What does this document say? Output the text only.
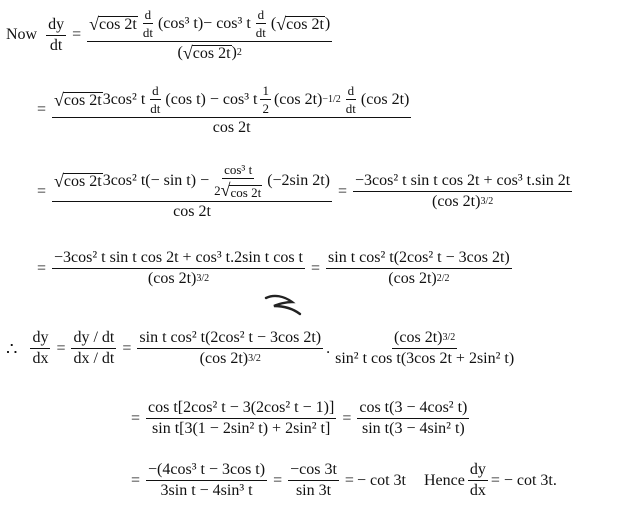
Now $\frac{dy}{dt}$ =
√ $\cos 2t \frac{d}{dt} (\cos^3$ t) − cos³ t $\frac{d}{dt}$ ( √ cos 2t )
( √ cos 2t ) 2
= √ cos 2t 3cos² t $\frac{d}{dt} (\cos$ t) − cos³ t $\frac{1}{2} (\cos$ $2t) -1/2 \frac{d}{dt} (\cos$ 2t)
cos 2t
= √ cos 2t 3cos² $t(- \sin t) - \frac{\text{cos³ t}}{2 √ \cos 2t} (-2\sin$ 2t)
cos 2t
= $\frac{\text{−3cos² t sin t cos 2t + cos³ t.sin 2t}}{(\cos 2t) 3/2}$
= $\frac{\text{−3cos² t sin t cos 2t + cos³ t.2sin t cos t}}{(\cos 2t) 3/2} = \frac{\text{sin t cos² t(2cos² t − 3cos 2t)}}{(\cos 2t) 2/2}$
∴ $\frac{dy}{dx} = \frac{dy / dt}{dx / dt} = \frac{\text{sin t cos² t(2cos² t − 3cos 2t)}}{(\cos 2t) 3/2}$ . $\frac{(\cos 2t) 3/2}{\text{sin² t cos t(3cos 2t + 2sin² t)}}$
= $\frac{\text{cos t[2cos² t − 3(2cos² t − 1)]}}{\text{sin t[3(1 − 2sin² t) + 2sin² t]}} = \frac{\text{cos t(3 − 4cos² t)}}{\text{sin t(3 − 4sin² t)}}$
= $\frac{\text{−(4cos³ t − 3cos t)}}{\text{3sin t − 4sin³ t}} = \frac{-\cos 3t}{\sin 3t}$ = − cot 3t Hence $\frac{dy}{dx}$ = − cot 3t.
